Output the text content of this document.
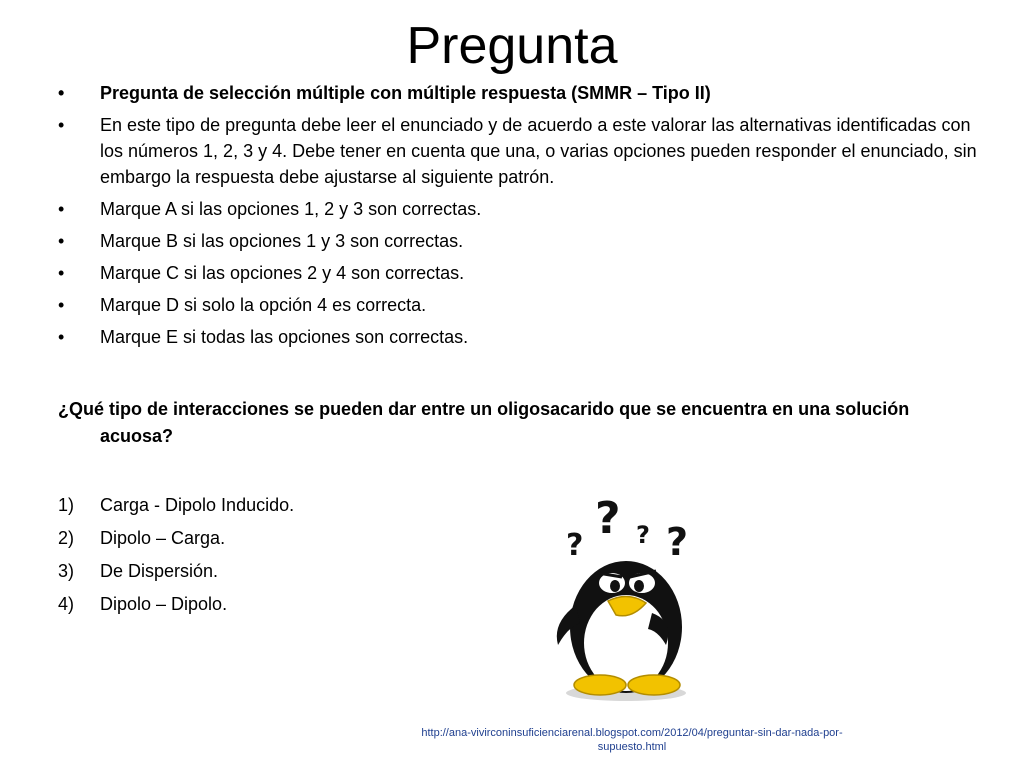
Pregunta
•	Pregunta de selección múltiple con múltiple respuesta (SMMR – Tipo II)
•	En este tipo de pregunta debe leer el enunciado y de acuerdo a este valorar las alternativas identificadas con los números 1, 2, 3 y 4. Debe tener en cuenta que una, o varias opciones pueden responder el enunciado, sin embargo la respuesta debe ajustarse al siguiente patrón.
•	Marque A si las opciones 1, 2 y 3 son correctas.
•	Marque B si las opciones 1 y 3 son correctas.
•	Marque C si las opciones 2 y 4 son correctas.
•	Marque D si solo la opción 4 es correcta.
•	Marque E si todas las opciones son correctas.
¿Qué tipo de interacciones se pueden dar entre un oligosacarido que se encuentra en una solución acuosa?
1) Carga - Dipolo Inducido.
2) Dipolo – Carga.
3) De Dispersión.
4) Dipolo – Dipolo.
?
? ? ?
http://ana-vivirconinsuficienciarenal.blogspot.com/2012/04/preguntar-sin-dar-nada-por-supuesto.html
